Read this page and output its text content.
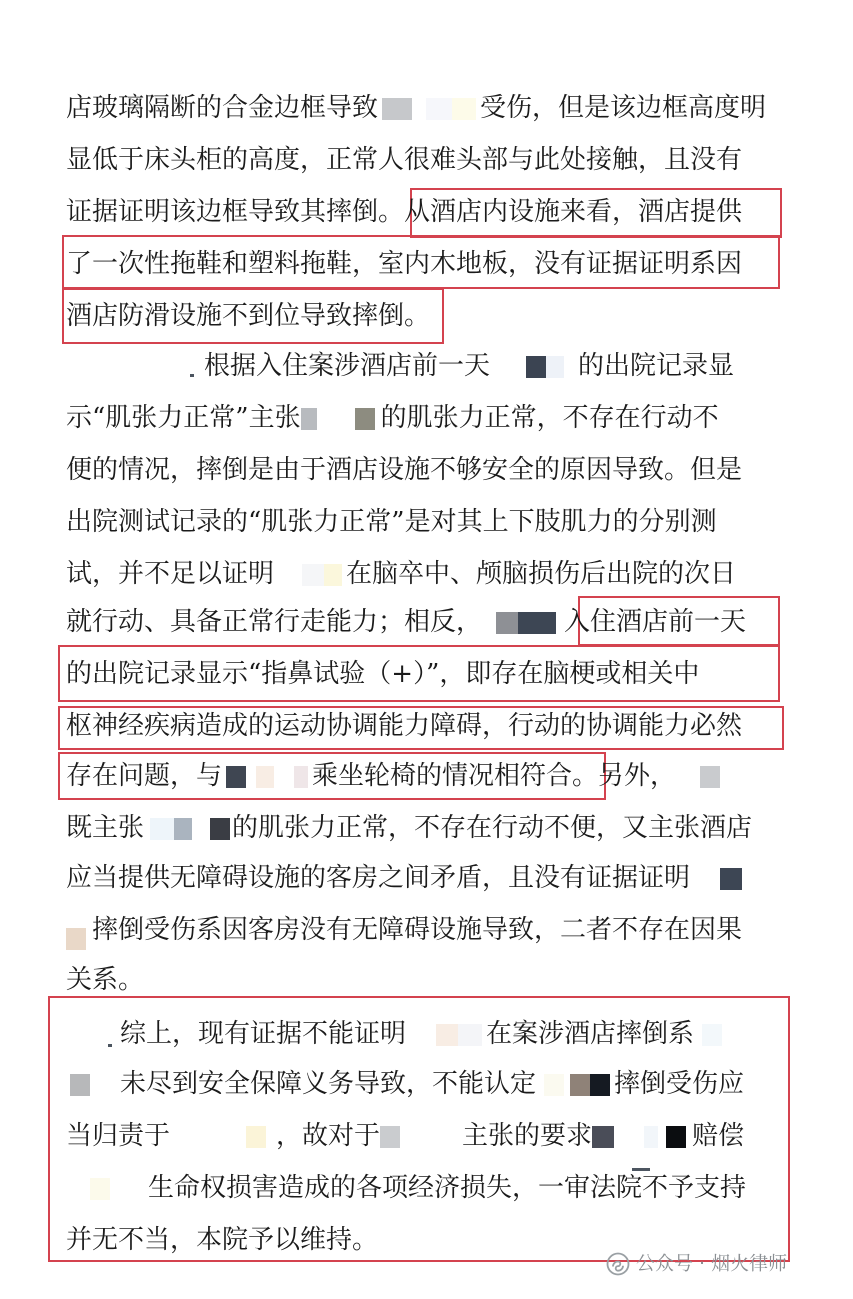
店玻璃隔断的合金边框导致	受伤，但是该边框高度明
显低于床头柜的高度，正常人很难头部与此处接触，且没有
证据证明该边框导致其摔倒。从酒店内设施来看，酒店提供
了一次性拖鞋和塑料拖鞋，室内木地板，没有证据证明系因
酒店防滑设施不到位导致摔倒。
根据入住案涉酒店前一天	的出院记录显
示“肌张力正常”主张	的肌张力正常，不存在行动不
便的情况，摔倒是由于酒店设施不够安全的原因导致。但是
出院测试记录的“肌张力正常”是对其上下肢肌力的分别测
试，并不足以证明	在脑卒中、颅脑损伤后出院的次日
就行动、具备正常行走能力；相反，	入住酒店前一天
的出院记录显示“指鼻试验（+）”，即存在脑梗或相关中
枢神经疾病造成的运动协调能力障碍，行动的协调能力必然
存在问题，与	乘坐轮椅的情况相符合。另外，
既主张	的肌张力正常，不存在行动不便，又主张酒店
应当提供无障碍设施的客房之间矛盾，且没有证据证明
摔倒受伤系因客房没有无障碍设施导致，二者不存在因果
关系。
综上，现有证据不能证明	在案涉酒店摔倒系
未尽到安全保障义务导致，不能认定	摔倒受伤应
当归责于	，故对于	主张的要求	赔偿
生命权损害造成的各项经济损失，一审法院不予支持
并无不当，本院予以维持。
公众号 · 烟火律师
